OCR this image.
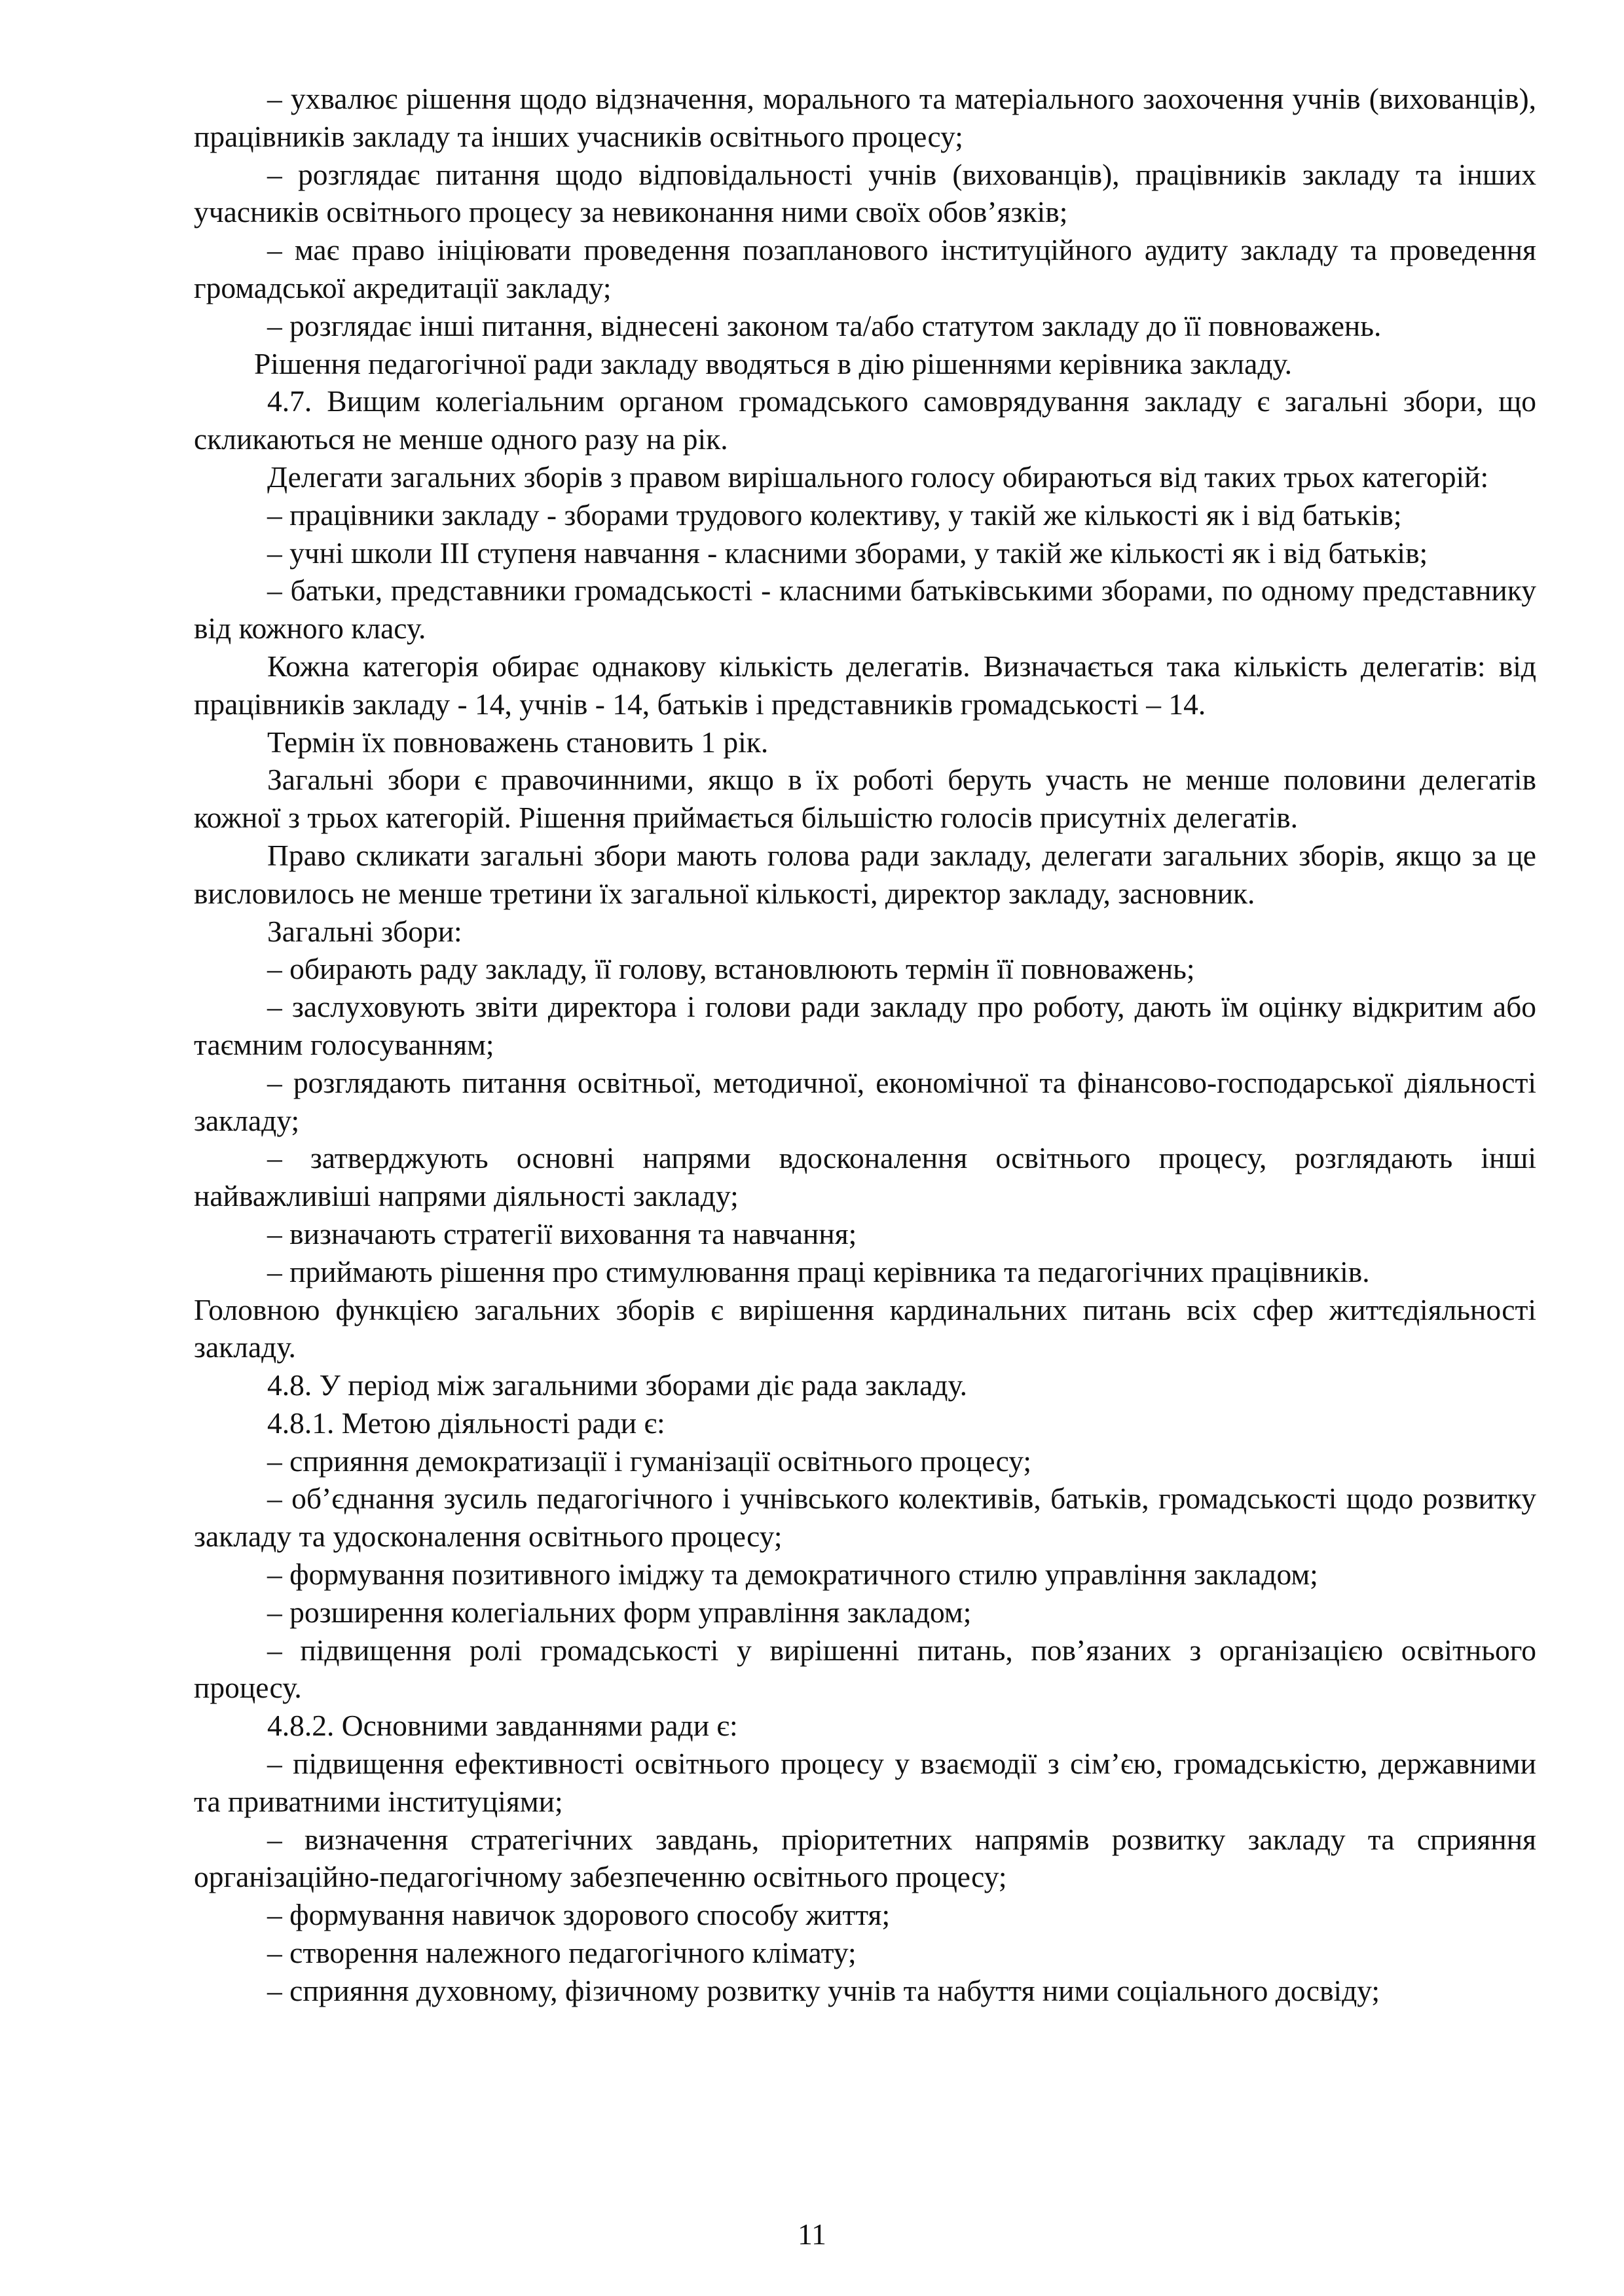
– ухвалює рішення щодо відзначення, морального та матеріального заохочення учнів (вихованців), працівників закладу та інших учасників освітнього процесу;

– розглядає питання щодо відповідальності учнів (вихованців), працівників закладу та інших учасників освітнього процесу за невиконання ними своїх обов’язків;

– має право ініціювати проведення позапланового інституційного аудиту закладу та проведення громадської акредитації закладу;

– розглядає інші питання, віднесені законом та/або статутом закладу до її повноважень.

Рішення педагогічної ради закладу вводяться в дію рішеннями керівника закладу.

4.7. Вищим колегіальним органом громадського самоврядування закладу є загальні збори, що скликаються не менше одного разу на рік.

Делегати загальних зборів з правом вирішального голосу обираються від таких трьох категорій:

– працівники закладу - зборами трудового колективу, у такій же кількості як і від батьків;

– учні школи ІІІ ступеня навчання - класними зборами, у такій же кількості як і від батьків;

– батьки, представники громадськості - класними батьківськими зборами, по одному представнику від кожного класу.

Кожна категорія обирає однакову кількість делегатів. Визначається така кількість делегатів: від працівників закладу - 14, учнів - 14, батьків і представників громадськості – 14.

Термін їх повноважень становить 1 рік.

Загальні збори є правочинними, якщо в їх роботі беруть участь не менше половини делегатів кожної з трьох категорій. Рішення приймається більшістю голосів присутніх делегатів.

Право скликати загальні збори мають голова ради закладу, делегати загальних зборів, якщо за це висловилось не менше третини їх загальної кількості, директор закладу, засновник.

Загальні збори:

– обирають раду закладу, її голову, встановлюють термін її повноважень;

– заслуховують звіти директора і голови ради закладу про роботу, дають їм оцінку відкритим або таємним голосуванням;

– розглядають питання освітньої, методичної, економічної та фінансово-господарської діяльності закладу;

– затверджують основні напрями вдосконалення освітнього процесу, розглядають інші найважливіші напрями діяльності закладу;

– визначають стратегії виховання та навчання;

– приймають рішення про стимулювання праці керівника та педагогічних працівників.

Головною функцією загальних зборів є вирішення кардинальних питань всіх сфер життєдіяльності закладу.

4.8. У період між загальними зборами діє рада закладу.

4.8.1. Метою діяльності ради є:

– сприяння демократизації і гуманізації освітнього процесу;

– об’єднання зусиль педагогічного і учнівського колективів, батьків, громадськості щодо розвитку закладу та удосконалення освітнього процесу;

– формування позитивного іміджу та демократичного стилю управління закладом;

– розширення колегіальних форм управління закладом;

– підвищення ролі громадськості у вирішенні питань, пов’язаних з організацією освітнього процесу.

4.8.2. Основними завданнями ради є:

– підвищення ефективності освітнього процесу у взаємодії з сім’єю, громадськістю, державними та приватними інституціями;

– визначення стратегічних завдань, пріоритетних напрямів розвитку закладу та сприяння організаційно-педагогічному забезпеченню освітнього процесу;

– формування навичок здорового способу життя;

– створення належного педагогічного клімату;

– сприяння духовному, фізичному розвитку учнів та набуття ними соціального досвіду;

11
